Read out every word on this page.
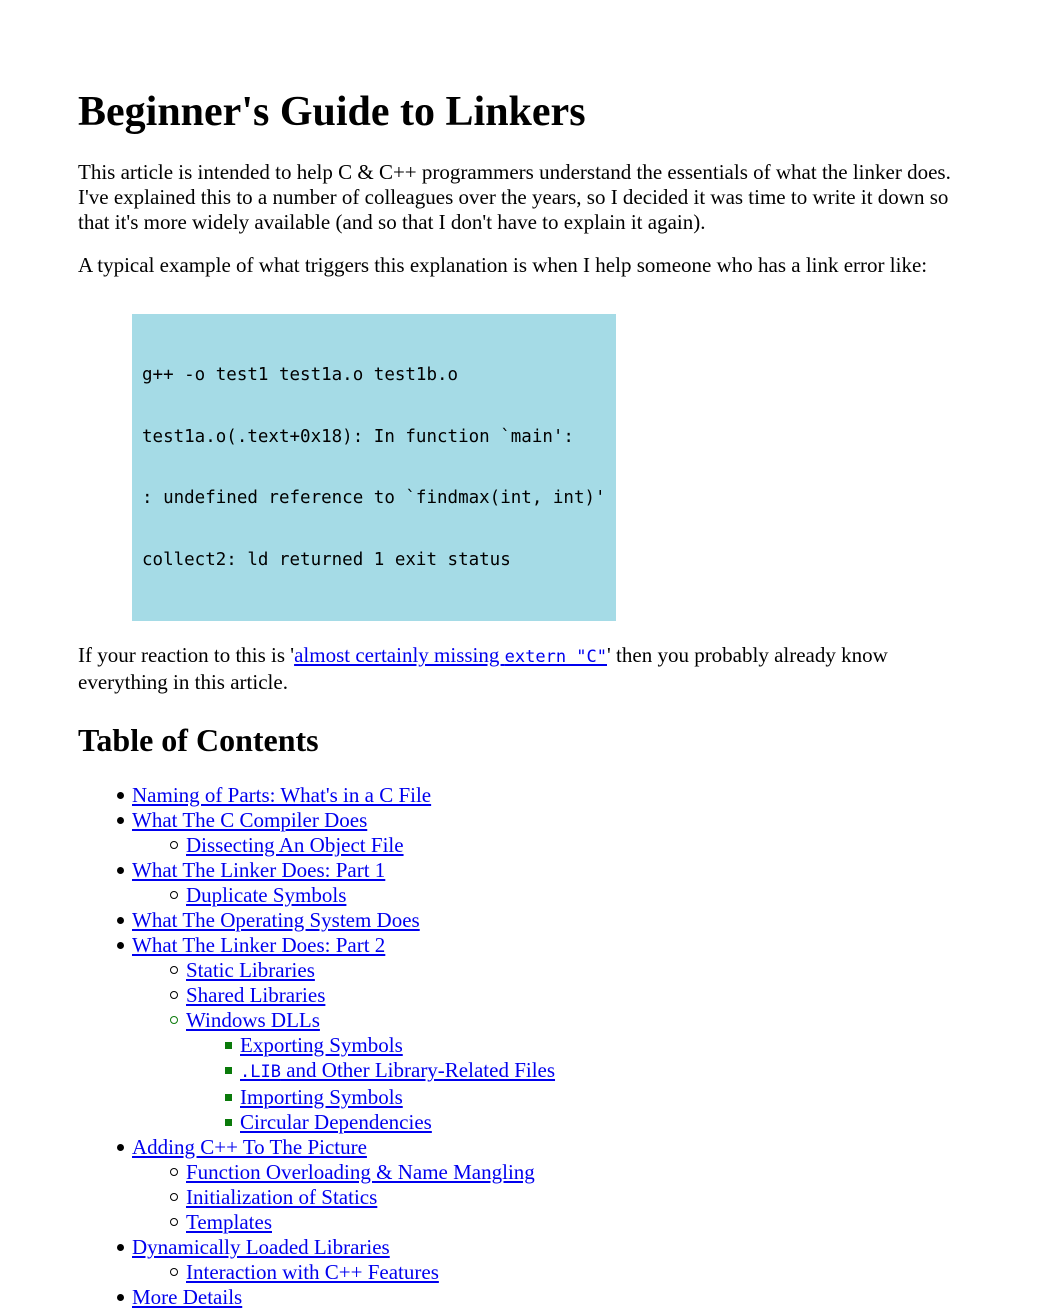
Beginner's Guide to Linkers

This article is intended to help C & C++ programmers understand the essentials of what the linker does. I've explained this to a number of colleagues over the years, so I decided it was time to write it down so that it's more widely available (and so that I don't have to explain it again).

A typical example of what triggers this explanation is when I help someone who has a link error like:

g++ -o test1 test1a.o test1b.o

test1a.o(.text+0x18): In function `main':

: undefined reference to `findmax(int, int)'

collect2: ld returned 1 exit status

If your reaction to this is 'almost certainly missing extern "C"' then you probably already know everything in this article.

Table of Contents
Naming of Parts: What's in a C File
What The C Compiler Does
Dissecting An Object File
What The Linker Does: Part 1
Duplicate Symbols
What The Operating System Does
What The Linker Does: Part 2
Static Libraries
Shared Libraries
Windows DLLs
Exporting Symbols
.LIB and Other Library-Related Files
Importing Symbols
Circular Dependencies
Adding C++ To The Picture
Function Overloading & Name Mangling
Initialization of Statics
Templates
Dynamically Loaded Libraries
Interaction with C++ Features
More Details
